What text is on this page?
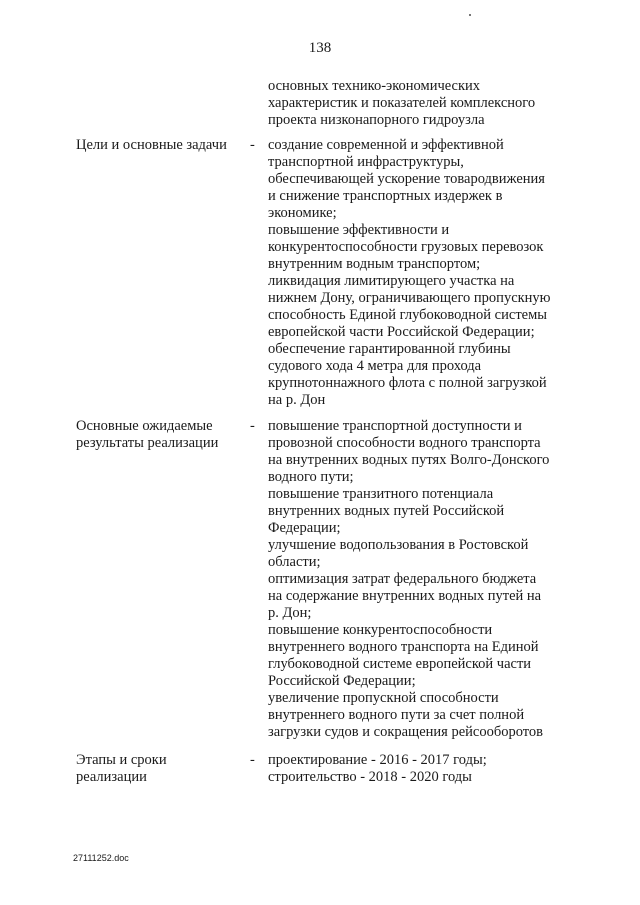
138
основных технико-экономических
характеристик и показателей комплексного
проекта низконапорного гидроузла
Цели и основные задачи	- создание современной и эффективной
транспортной инфраструктуры,
обеспечивающей ускорение товародвижения
и снижение транспортных издержек в
экономике;
повышение эффективности и
конкурентоспособности грузовых перевозок
внутренним водным транспортом;
ликвидация лимитирующего участка на
нижнем Дону, ограничивающего пропускную
способность Единой глубоководной системы
европейской части Российской Федерации;
обеспечение гарантированной глубины
судового хода 4 метра для прохода
крупнотоннажного флота с полной загрузкой
на р. Дон
Основные ожидаемые
результаты реализации
- повышение транспортной доступности и
провозной способности водного транспорта
на внутренних водных путях Волго-Донского
водного пути;
повышение транзитного потенциала
внутренних водных путей Российской
Федерации;
улучшение водопользования в Ростовской
области;
оптимизация затрат федерального бюджета
на содержание внутренних водных путей на
р. Дон;
повышение конкурентоспособности
внутреннего водного транспорта на Единой
глубоководной системе европейской части
Российской Федерации;
увеличение пропускной способности
внутреннего водного пути за счет полной
загрузки судов и сокращения рейсооборотов
Этапы и сроки
реализации
- проектирование - 2016 - 2017 годы;
строительство - 2018 - 2020 годы
27111252.doc
